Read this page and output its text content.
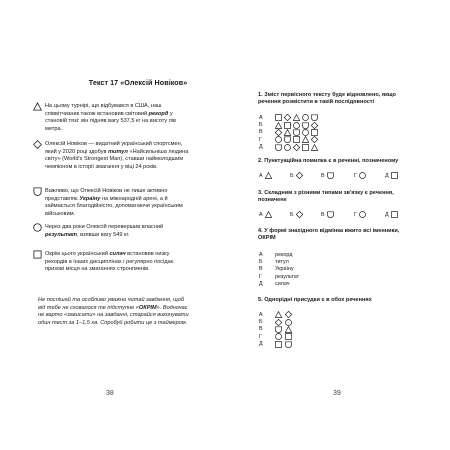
Текст 17 «Олексій Новіков»
На цьому турнірі, що відбувався в США, наш співвітчизник також встановив світовий рекорд у становій тязі: він підняв вагу 537,5 кг на висоту пів метра.
Олексій Новіков — видатний український спортсмен, який у 2020 році здобув титул «Найсильніша людина світу» (World's Strongest Man), ставши наймолодшим чемпіоном в історії змагання у віці 24 років.
Важливо, що Олексій Новіков не лише активно представляє Україну на міжнародній арені, а й займається благодійністю, допомагаючи українським військовим.
Через два роки Олексій перевершив власний результат, взявши вагу 549 кг.
Окрім цього український силач встановив низку рекордів в інших дисциплінах і регулярно посідає призові місця на змаганнях стронгменів.
Не поспішай та особливо уважно читай завдання, щоб від тебе не сховалося те підступне «ОКРІМ». Водночас не варто «зависати» на завданні, старайся виконувати один тест за 1–1,5 хв. Спробуй робити це з таймером.
38
1. Зміст первісного тексту буде відновлено, якщо речення розмістити в такій послідовності
А
Б
В
Г
Д
2. Пунктуаційна помилка є в реченні, позначеному
А	Б	В	Г	Д
3. Складним з різними типами зв'язку є речення, позначене
А	Б	В	Г	Д
4. У формі знахідного відмінка вжито всі іменники, ОКРІМ
А	рекорд
Б	титул
В	Україну
Г	результат
Д	силач
5. Однорідні присудки є в обох реченнях
А
Б
В
Г
Д
39
